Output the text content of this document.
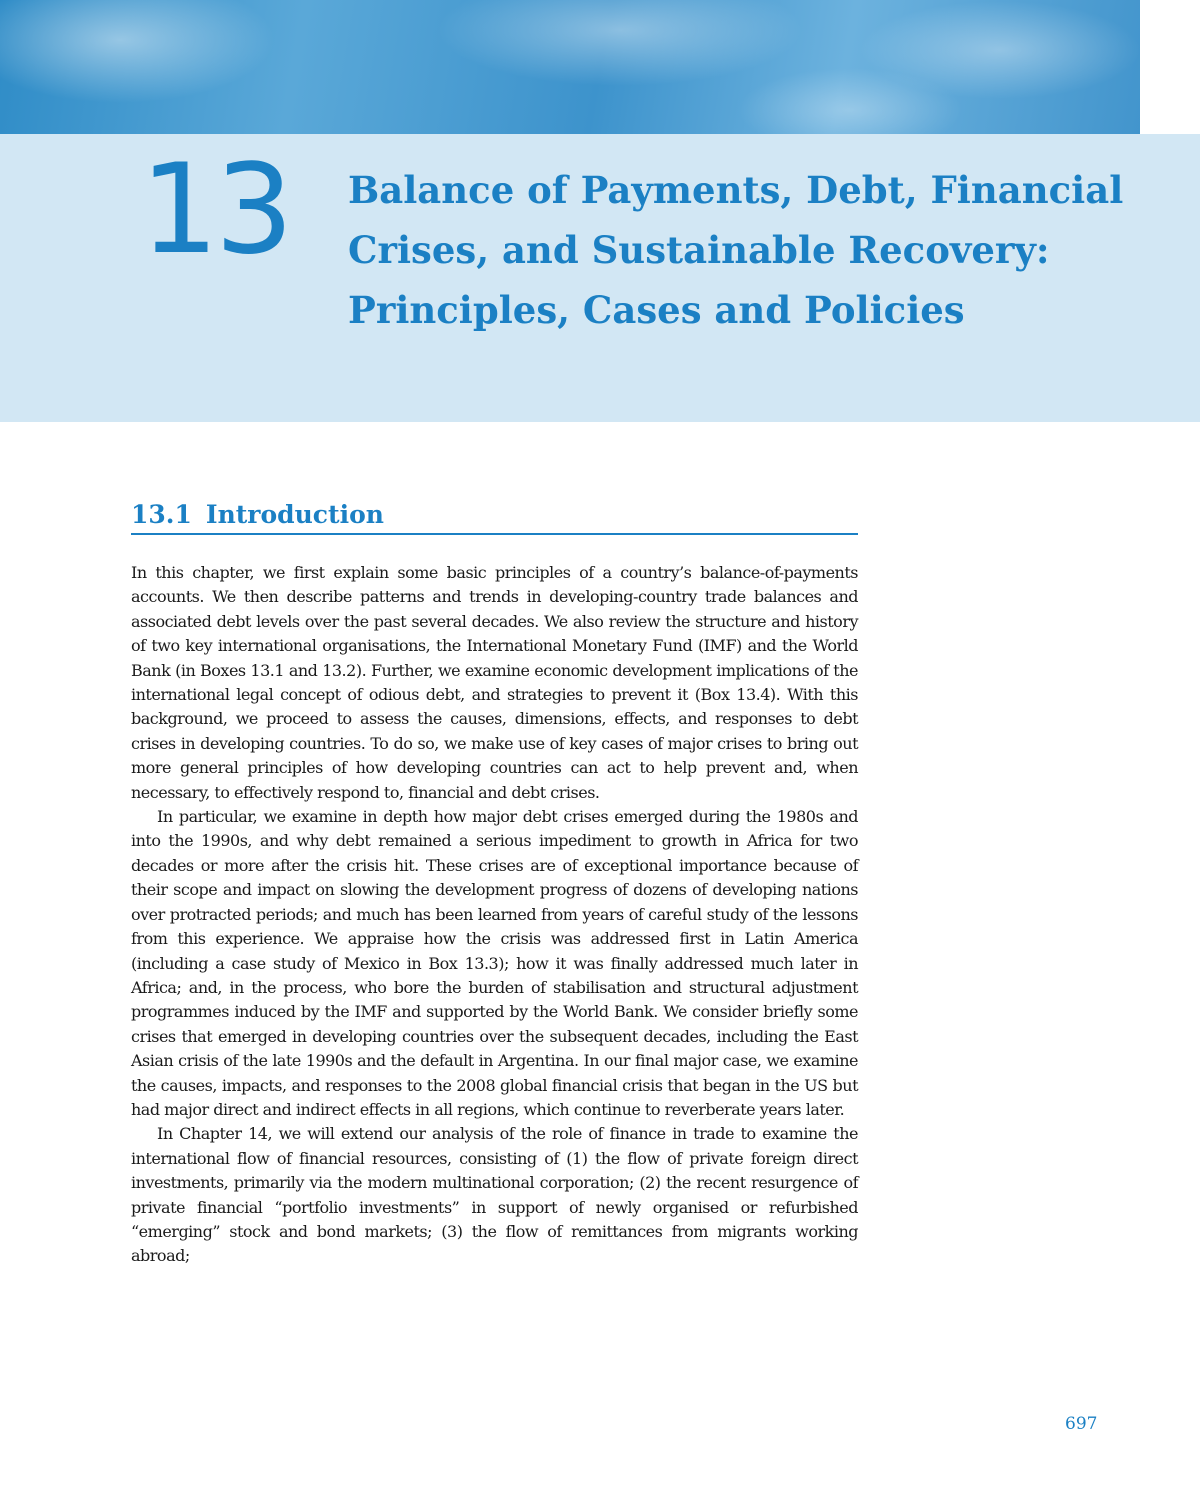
13 Balance of Payments, Debt, Financial Crises, and Sustainable Recovery: Principles, Cases and Policies
13.1 Introduction

In this chapter, we first explain some basic principles of a country’s balance-of-payments accounts. We then describe patterns and trends in developing-country trade balances and associated debt levels over the past several decades. We also review the structure and history of two key international organisations, the International Monetary Fund (IMF) and the World Bank (in Boxes 13.1 and 13.2). Further, we examine economic development implications of the international legal concept of odious debt, and strategies to prevent it (Box 13.4). With this background, we proceed to assess the causes, dimensions, effects, and responses to debt crises in developing countries. To do so, we make use of key cases of major crises to bring out more general principles of how developing countries can act to help prevent and, when necessary, to effectively respond to, financial and debt crises.

In particular, we examine in depth how major debt crises emerged during the 1980s and into the 1990s, and why debt remained a serious impediment to growth in Africa for two decades or more after the crisis hit. These crises are of exceptional importance because of their scope and impact on slowing the development progress of dozens of developing nations over protracted periods; and much has been learned from years of careful study of the lessons from this experience. We appraise how the crisis was addressed first in Latin America (including a case study of Mexico in Box 13.3); how it was finally addressed much later in Africa; and, in the process, who bore the burden of stabilisation and structural adjustment programmes induced by the IMF and supported by the World Bank. We consider briefly some crises that emerged in developing countries over the subsequent decades, including the East Asian crisis of the late 1990s and the default in Argentina. In our final major case, we examine the causes, impacts, and responses to the 2008 global financial crisis that began in the US but had major direct and indirect effects in all regions, which continue to reverberate years later.

In Chapter 14, we will extend our analysis of the role of finance in trade to examine the international flow of financial resources, consisting of (1) the flow of private foreign direct investments, primarily via the modern multinational corporation; (2) the recent resurgence of private financial “portfolio investments” in support of newly organised or refurbished “emerging” stock and bond markets; (3) the flow of remittances from migrants working abroad;

697
